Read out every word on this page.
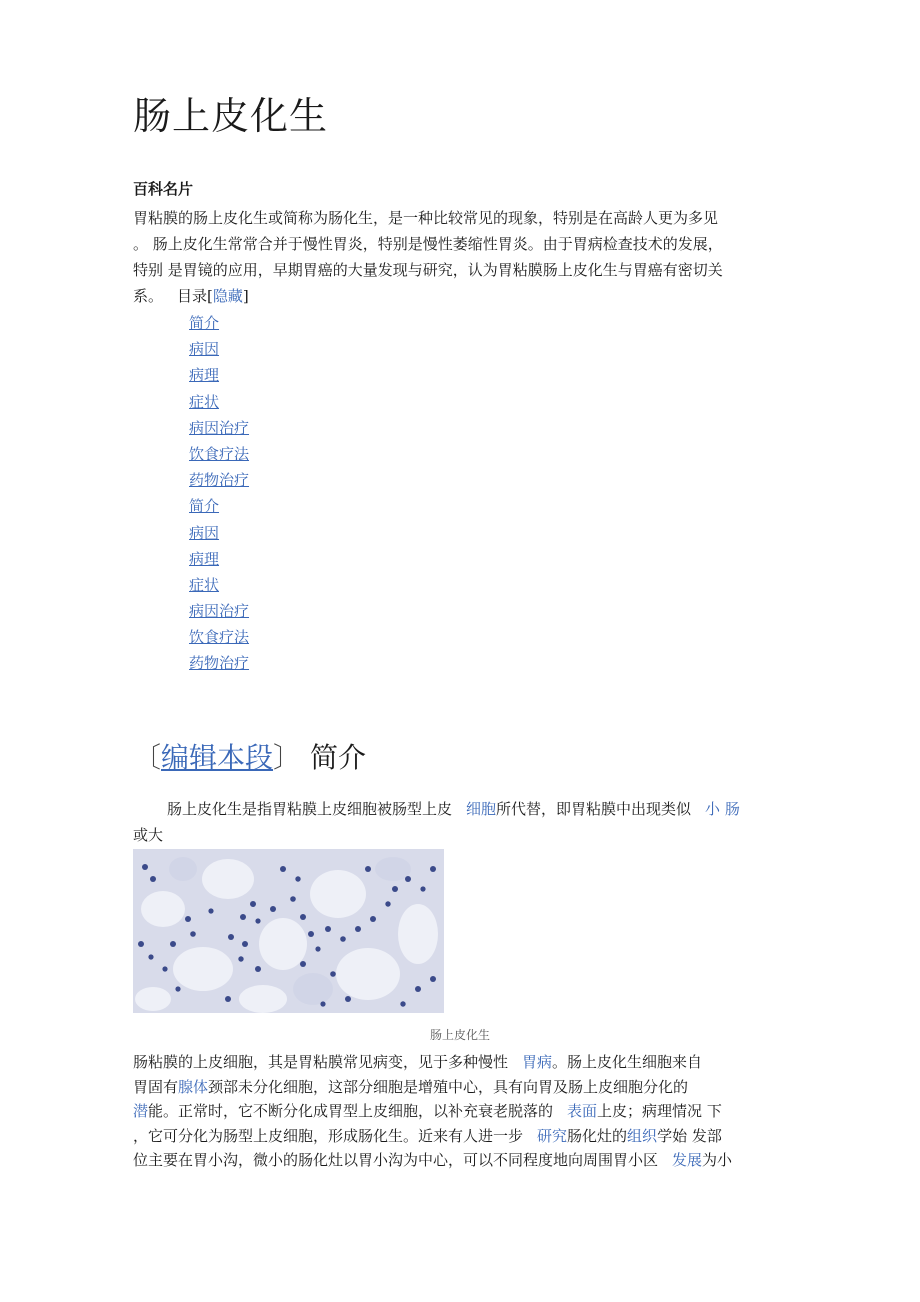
肠上皮化生
百科名片
胃粘膜的肠上皮化生或简称为肠化生，是一种比较常见的现象，特别是在高龄人更为多见
。 肠上皮化生常常合并于慢性胃炎，特别是慢性萎缩性胃炎。由于胃病检查技术的发展，
特别 是胃镜的应用，早期胃癌的大量发现与研究，认为胃粘膜肠上皮化生与胃癌有密切关
系。 目录[隐藏]
简介
病因
病理
症状
病因治疗
饮食疗法
药物治疗
简介
病因
病理
症状
病因治疗
饮食疗法
药物治疗
〔编辑本段〕 简介
肠上皮化生是指胃粘膜上皮细胞被肠型上皮 细胞所代替，即胃粘膜中出现类似 小 肠
或大
肠上皮化生
肠粘膜的上皮细胞，其是胃粘膜常见病变，见于多种慢性 胃病。肠上皮化生细胞来自
胃固有腺体颈部未分化细胞，这部分细胞是增殖中心，具有向胃及肠上皮细胞分化的
潜能。正常时，它不断分化成胃型上皮细胞，以补充衰老脱落的 表面上皮；病理情况 下
，它可分化为肠型上皮细胞，形成肠化生。近来有人进一步 研究肠化灶的组织学始 发部
位主要在胃小沟，微小的肠化灶以胃小沟为中心，可以不同程度地向周围胃小区 发展为小
